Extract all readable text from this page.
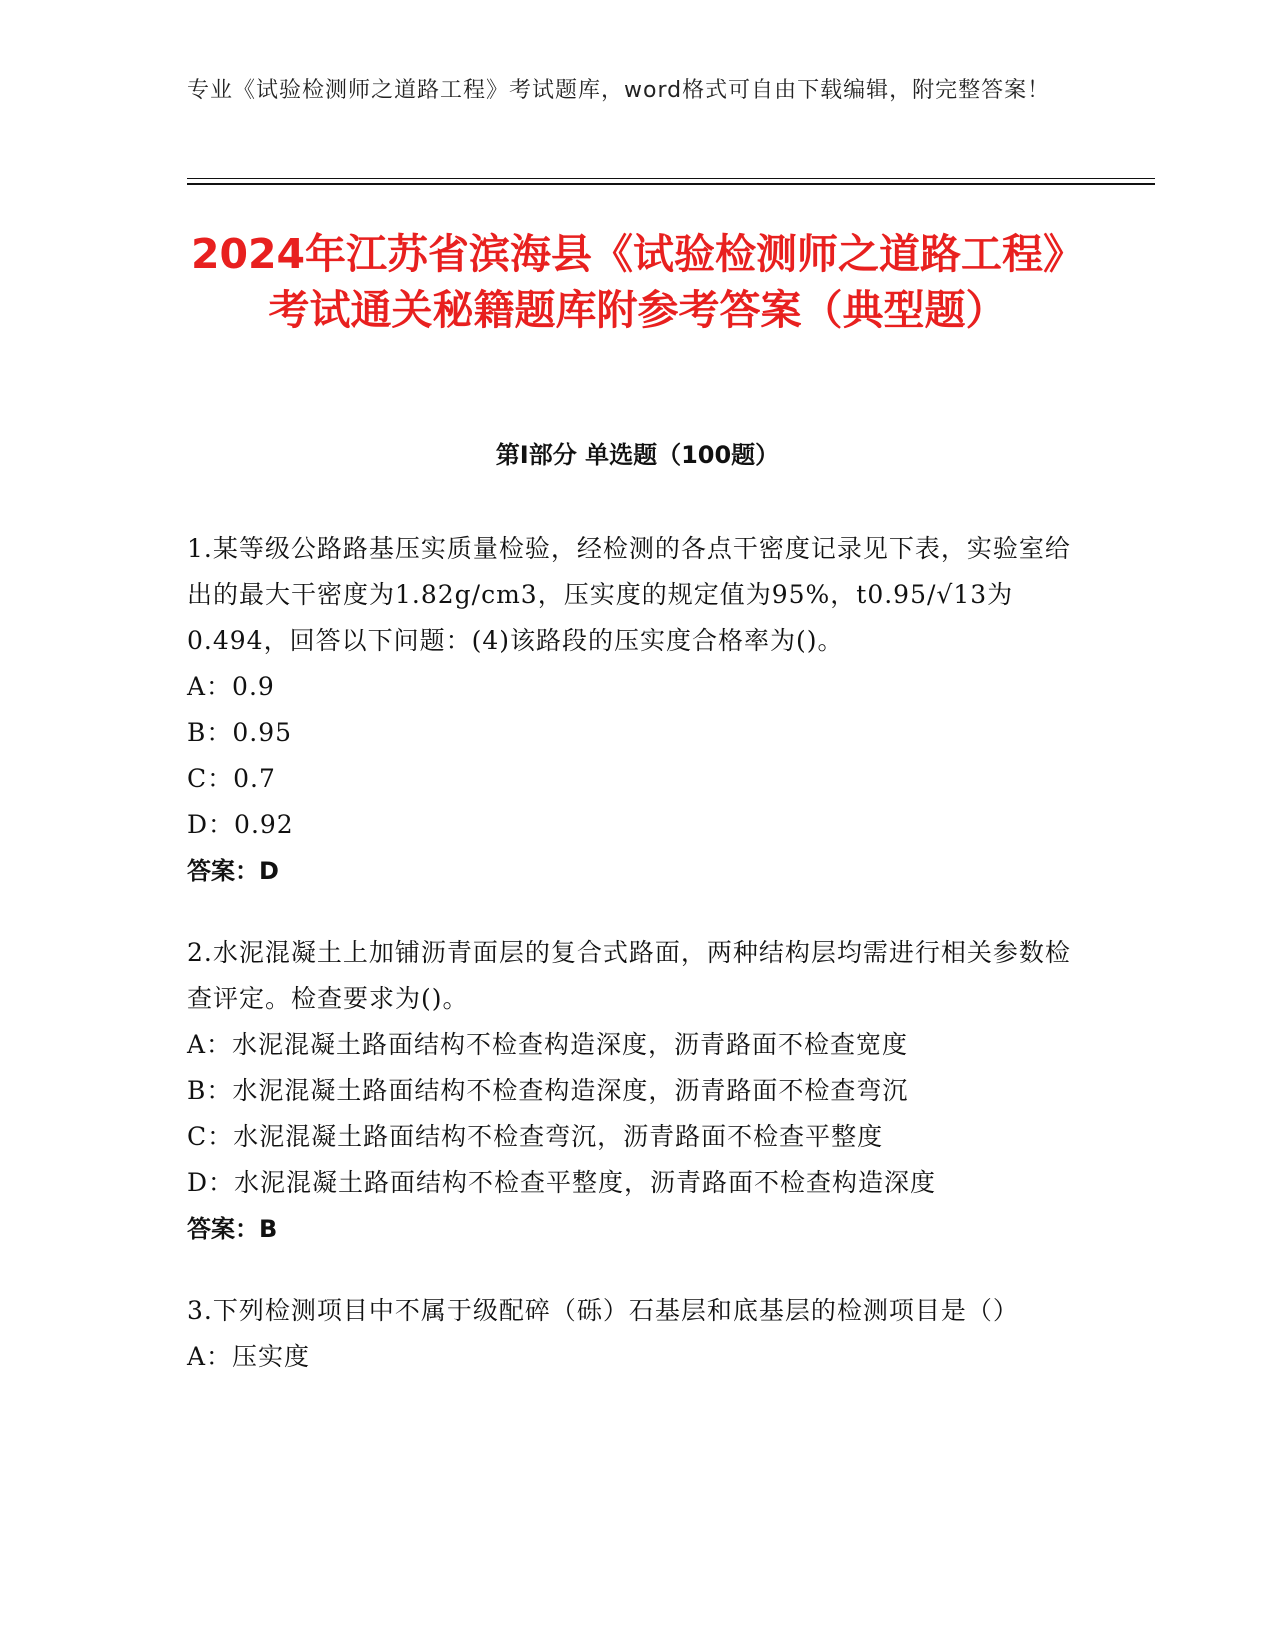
专业《试验检测师之道路工程》考试题库，word格式可自由下载编辑，附完整答案！
2024年江苏省滨海县《试验检测师之道路工程》考试通关秘籍题库附参考答案（典型题）
第Ⅰ部分 单选题（100题）

1.某等级公路路基压实质量检验，经检测的各点干密度记录见下表，实验室给出的最大干密度为1.82g/cm3，压实度的规定值为95%，t0.95/√13为0.494，回答以下问题：(4)该路段的压实度合格率为()。

A：0.9

B：0.95

C：0.7

D：0.92

答案：D

2.水泥混凝土上加铺沥青面层的复合式路面，两种结构层均需进行相关参数检查评定。检查要求为()。

A：水泥混凝土路面结构不检查构造深度，沥青路面不检查宽度

B：水泥混凝土路面结构不检查构造深度，沥青路面不检查弯沉

C：水泥混凝土路面结构不检查弯沉，沥青路面不检查平整度

D：水泥混凝土路面结构不检查平整度，沥青路面不检查构造深度

答案：B

3.下列检测项目中不属于级配碎（砾）石基层和底基层的检测项目是（）

A：压实度
